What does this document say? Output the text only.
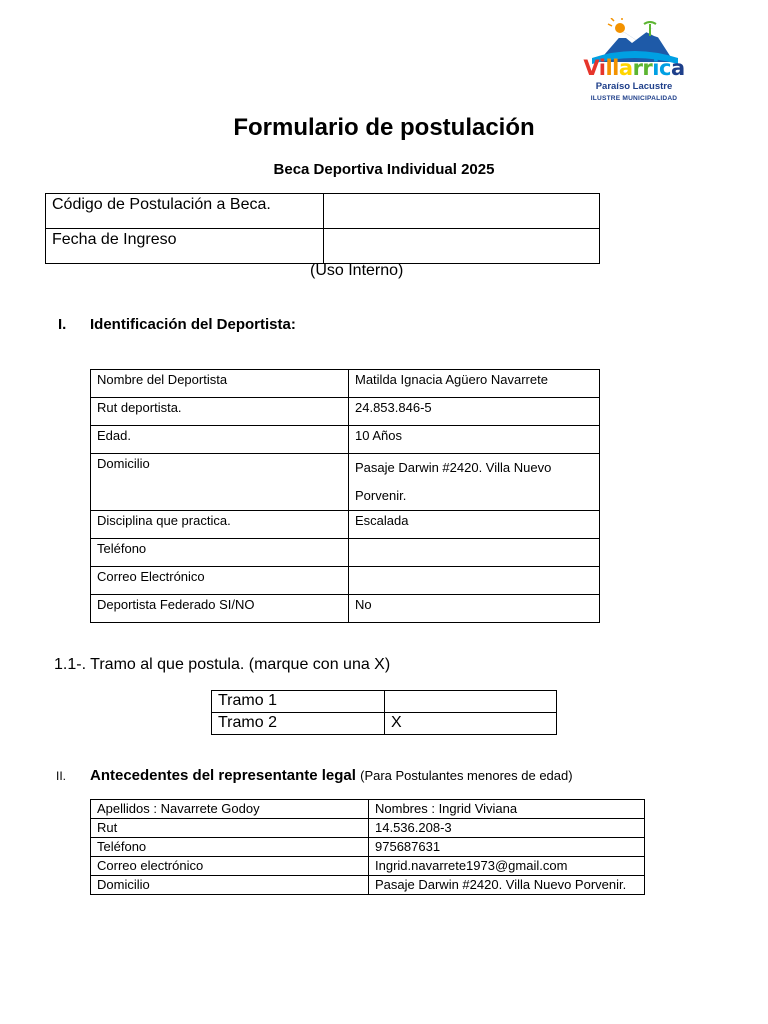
Villarrica
Paraíso Lacustre
ILUSTRE MUNICIPALIDAD
Formulario de postulación
Beca Deportiva Individual 2025
Código de Postulación a Beca.	
Fecha de Ingreso	
(Uso Interno)
I. Identificación del Deportista:
Nombre del Deportista	Matilda Ignacia Agüero Navarrete
Rut deportista.	24.853.846-5
Edad.	10 Años
Domicilio	Pasaje Darwin #2420. Villa Nuevo Porvenir.
Disciplina que practica.	Escalada
Teléfono	
Correo Electrónico	
Deportista Federado SI/NO	No
1.1-. Tramo al que postula. (marque con una X)
Tramo 1	
Tramo 2	X
II. Antecedentes del representante legal (Para Postulantes menores de edad)
Apellidos : Navarrete Godoy	Nombres : Ingrid Viviana
Rut	14.536.208-3
Teléfono	975687631
Correo electrónico	Ingrid.navarrete1973@gmail.com
Domicilio	Pasaje Darwin #2420. Villa Nuevo Porvenir.
